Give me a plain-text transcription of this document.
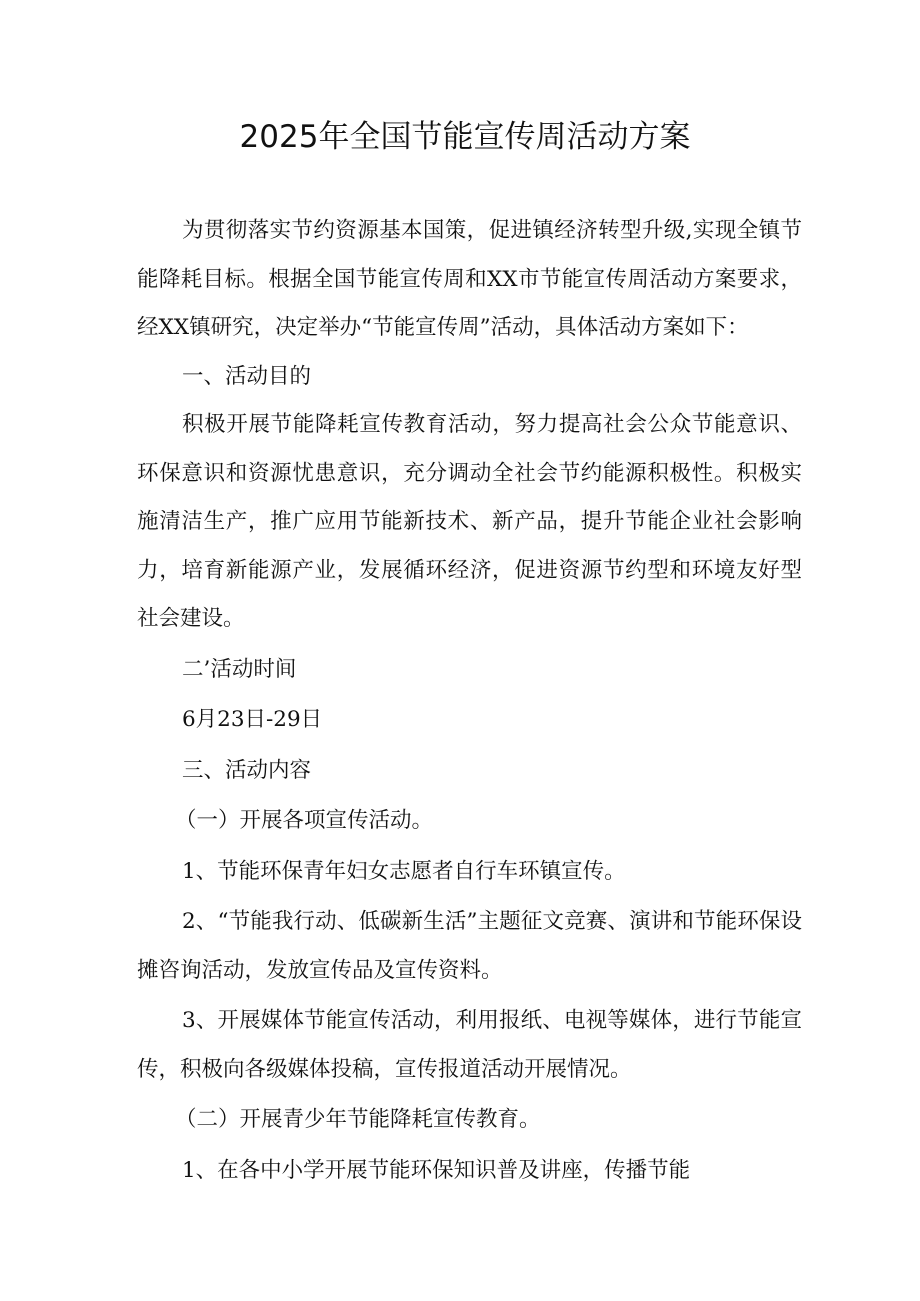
2025年全国节能宣传周活动方案

为贯彻落实节约资源基本国策，促进镇经济转型升级,实现全镇节能降耗目标。根据全国节能宣传周和XX市节能宣传周活动方案要求，经XX镇研究，决定举办“节能宣传周”活动，具体活动方案如下：

一、活动目的

积极开展节能降耗宣传教育活动，努力提高社会公众节能意识、环保意识和资源忧患意识，充分调动全社会节约能源积极性。积极实施清洁生产，推广应用节能新技术、新产品，提升节能企业社会影响力，培育新能源产业，发展循环经济，促进资源节约型和环境友好型社会建设。

二’活动时间

6月23日-29日

三、活动内容

（一）开展各项宣传活动。

1、节能环保青年妇女志愿者自行车环镇宣传。

2、“节能我行动、低碳新生活”主题征文竞赛、演讲和节能环保设摊咨询活动，发放宣传品及宣传资料。

3、开展媒体节能宣传活动，利用报纸、电视等媒体，进行节能宣传，积极向各级媒体投稿，宣传报道活动开展情况。

（二）开展青少年节能降耗宣传教育。

1、在各中小学开展节能环保知识普及讲座，传播节能
